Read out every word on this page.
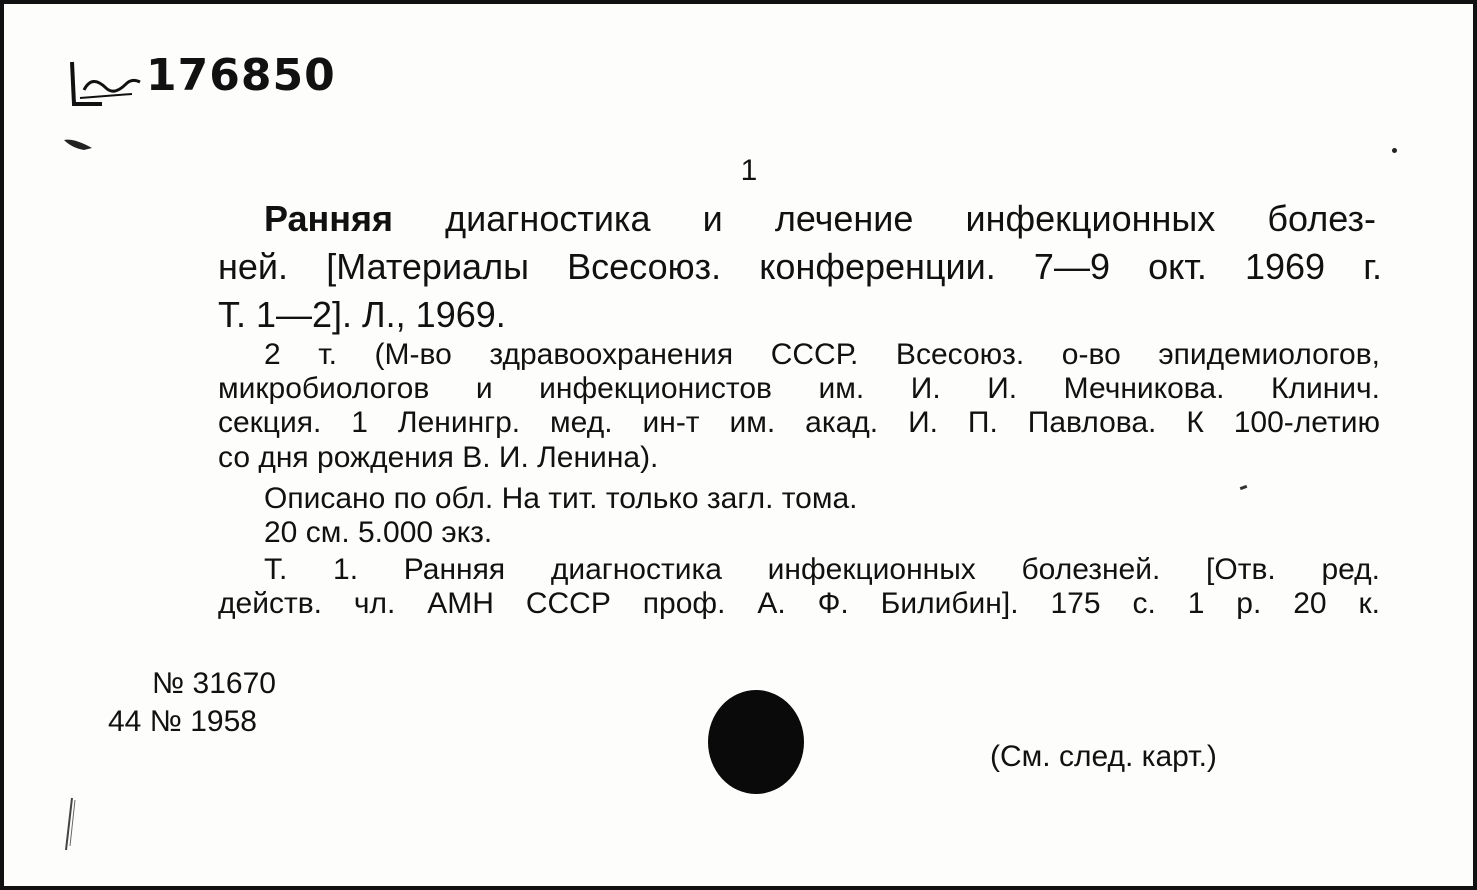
176850
1
Ранняя диагностика и лечение инфекционных болез-
ней. [Материалы Всесоюз. конференции. 7—9 окт. 1969 г.
Т. 1—2]. Л., 1969.
2 т. (М-во здравоохранения СССР. Всесоюз. о-во эпидемиологов,
микробиологов и инфекционистов им. И. И. Мечникова. Клинич.
секция. 1 Ленингр. мед. ин-т им. акад. И. П. Павлова. К 100-летию
со дня рождения В. И. Ленина).
Описано по обл. На тит. только загл. тома.
20 см. 5.000 экз.
Т. 1. Ранняя диагностика инфекционных болезней. [Отв. ред.
действ. чл. АМН СССР проф. А. Ф. Билибин]. 175 с. 1 р. 20 к.
№ 31670
44 № 1958
(См. след. карт.)
